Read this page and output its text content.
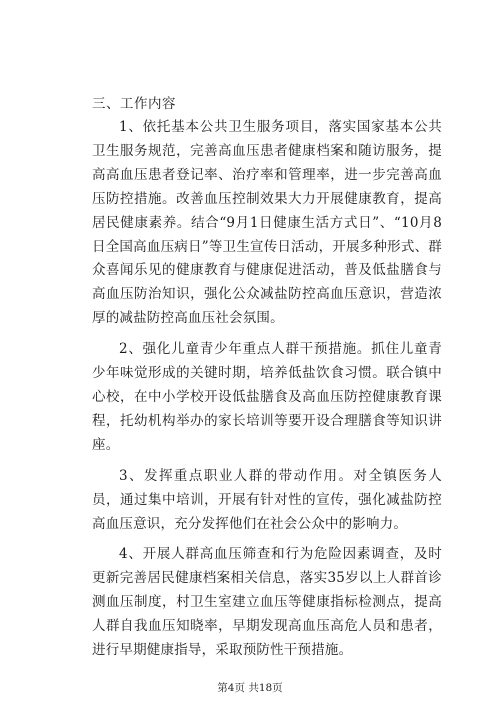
三、工作内容

1、依托基本公共卫生服务项目，落实国家基本公共卫生服务规范，完善高血压患者健康档案和随访服务，提高高血压患者登记率、治疗率和管理率，进一步完善高血压防控措施。改善血压控制效果大力开展健康教育，提高居民健康素养。结合“9月1日健康生活方式日”、“10月8日全国高血压病日”等卫生宣传日活动，开展多种形式、群众喜闻乐见的健康教育与健康促进活动，普及低盐膳食与高血压防治知识，强化公众减盐防控高血压意识，营造浓厚的减盐防控高血压社会氛围。

2、强化儿童青少年重点人群干预措施。抓住儿童青少年味觉形成的关键时期，培养低盐饮食习惯。联合镇中心校，在中小学校开设低盐膳食及高血压防控健康教育课程，托幼机构举办的家长培训等要开设合理膳食等知识讲座。

3、发挥重点职业人群的带动作用。对全镇医务人员，通过集中培训，开展有针对性的宣传，强化减盐防控高血压意识，充分发挥他们在社会公众中的影响力。

4、开展人群高血压筛查和行为危险因素调查，及时更新完善居民健康档案相关信息，落实35岁以上人群首诊测血压制度，村卫生室建立血压等健康指标检测点，提高人群自我血压知晓率，早期发现高血压高危人员和患者，进行早期健康指导，采取预防性干预措施。

第4页 共18页
